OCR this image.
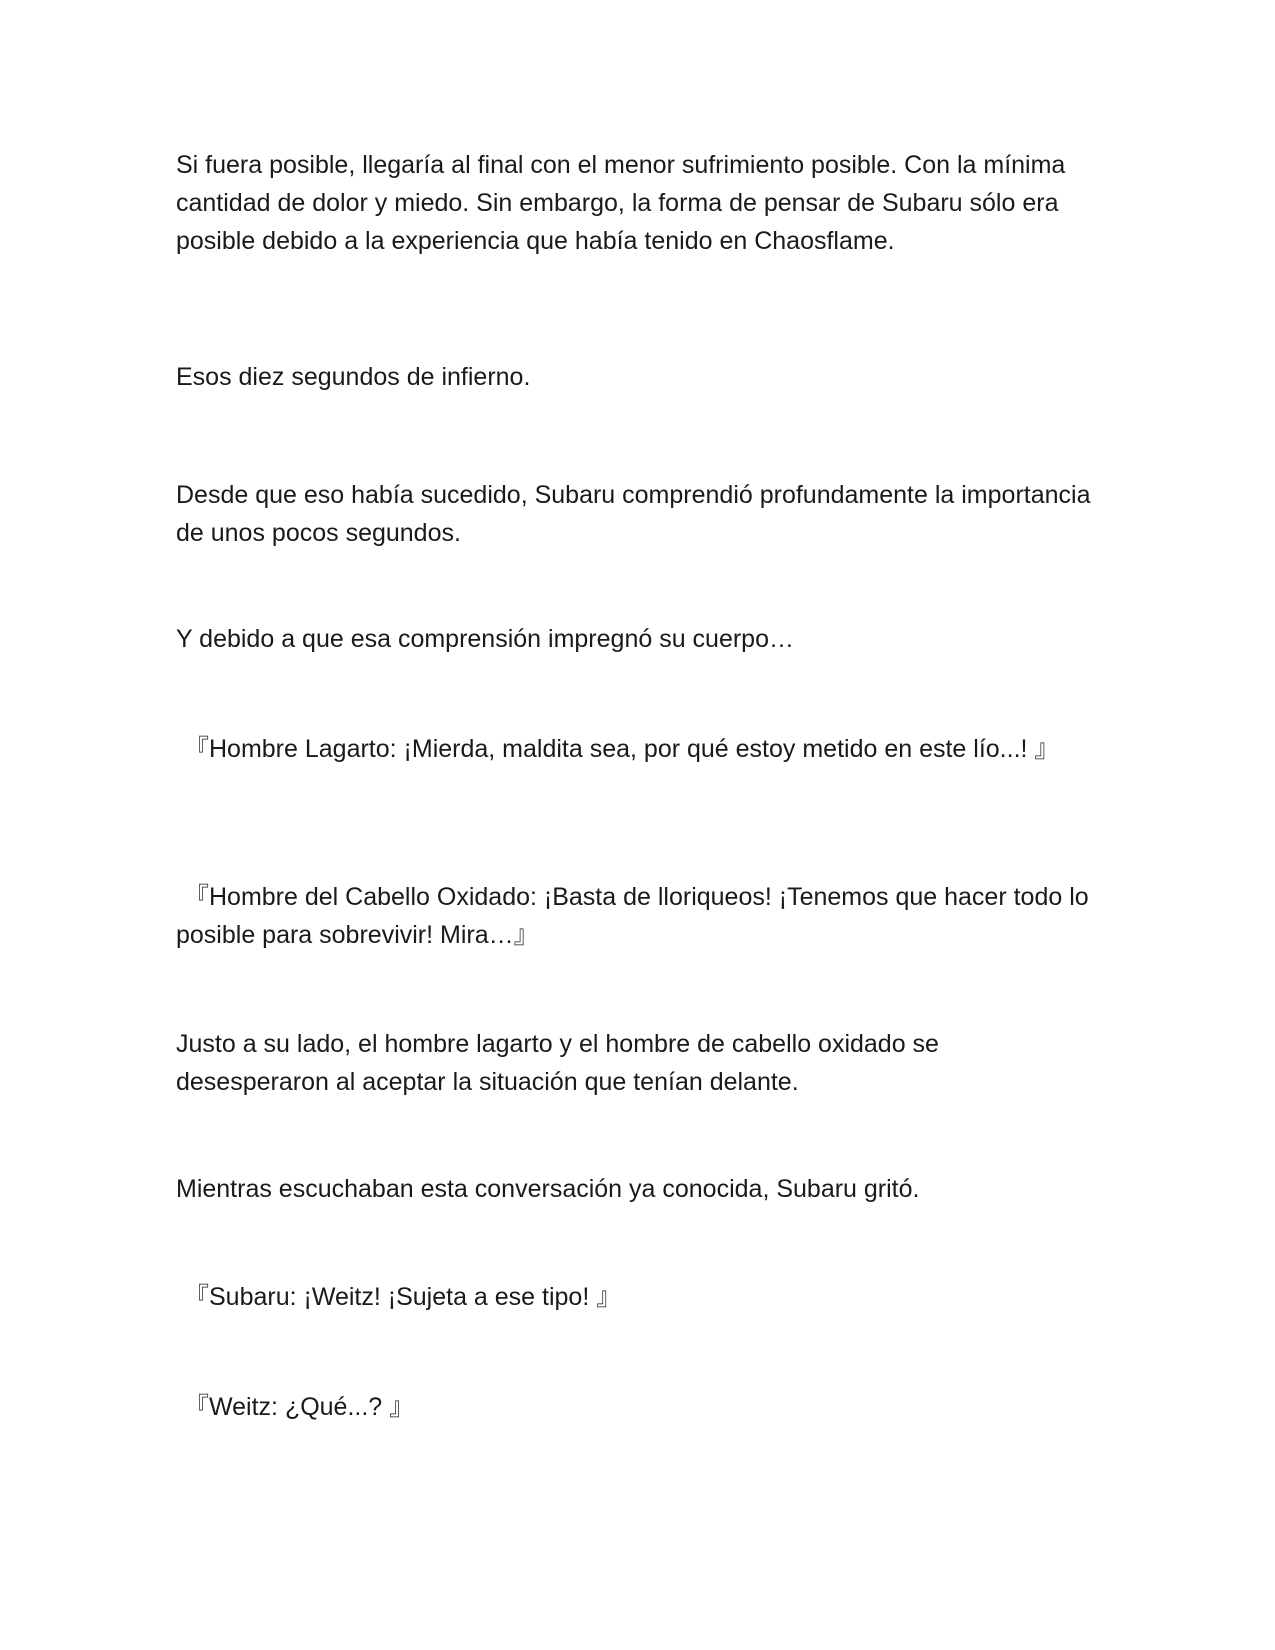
Si fuera posible, llegaría al final con el menor sufrimiento posible. Con la mínima cantidad de dolor y miedo. Sin embargo, la forma de pensar de Subaru sólo era posible debido a la experiencia que había tenido en Chaosflame.

Esos diez segundos de infierno.

Desde que eso había sucedido, Subaru comprendió profundamente la importancia de unos pocos segundos.

Y debido a que esa comprensión impregnó su cuerpo…

『Hombre Lagarto: ¡Mierda, maldita sea, por qué estoy metido en este lío...! 』

『Hombre del Cabello Oxidado: ¡Basta de lloriqueos! ¡Tenemos que hacer todo lo posible para sobrevivir! Mira…』

Justo a su lado, el hombre lagarto y el hombre de cabello oxidado se desesperaron al aceptar la situación que tenían delante.

Mientras escuchaban esta conversación ya conocida, Subaru gritó.

『Subaru: ¡Weitz! ¡Sujeta a ese tipo! 』

『Weitz: ¿Qué...? 』
